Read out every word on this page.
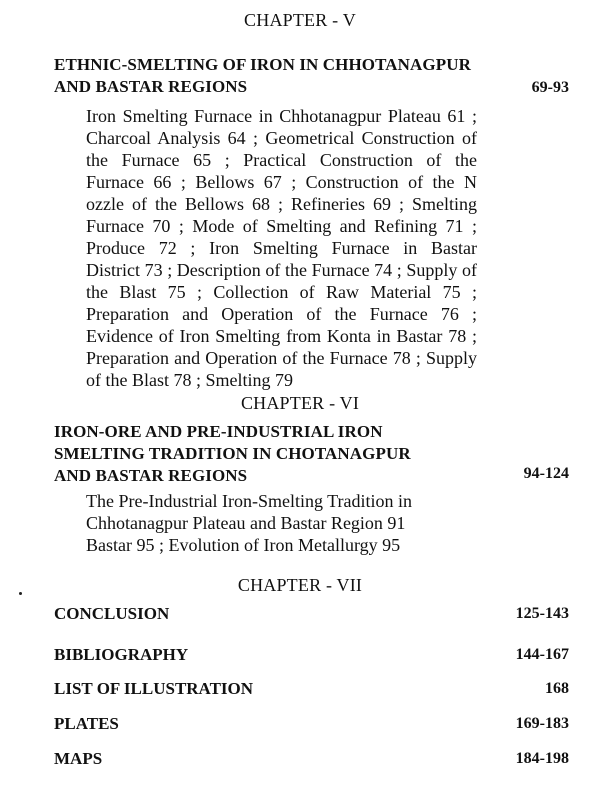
CHAPTER - V
ETHNIC-SMELTING OF IRON IN CHHOTANAGPUR
AND BASTAR REGIONS	69-93
Iron Smelting Furnace in Chhotanagpur Plateau 61 ;
Charcoal Analysis 64 ; Geometrical Construction of
the Furnace 65 ; Practical Construction of the
Furnace 66 ; Bellows 67 ; Construction of the N
ozzle of the Bellows 68 ; Refineries 69 ; Smelting
Furnace 70 ; Mode of Smelting and Refining 71 ;
Produce 72 ; Iron Smelting Furnace in Bastar
District 73 ; Description of the Furnace 74 ; Supply of
the Blast 75 ; Collection of Raw Material 75 ;
Preparation and Operation of the Furnace 76 ;
Evidence of Iron Smelting from Konta in Bastar 78 ;
Preparation and Operation of the Furnace 78 ; Supply
of the Blast 78 ; Smelting 79
CHAPTER - VI
IRON-ORE AND PRE-INDUSTRIAL IRON
SMELTING TRADITION IN CHOTANAGPUR
AND BASTAR REGIONS	94-124
The Pre-Industrial Iron-Smelting Tradition in
Chhotanagpur Plateau and Bastar Region 91
Bastar 95 ; Evolution of Iron Metallurgy 95
CHAPTER - VII
CONCLUSION	125-143
BIBLIOGRAPHY	144-167
LIST OF ILLUSTRATION	168
PLATES	169-183
MAPS	184-198
